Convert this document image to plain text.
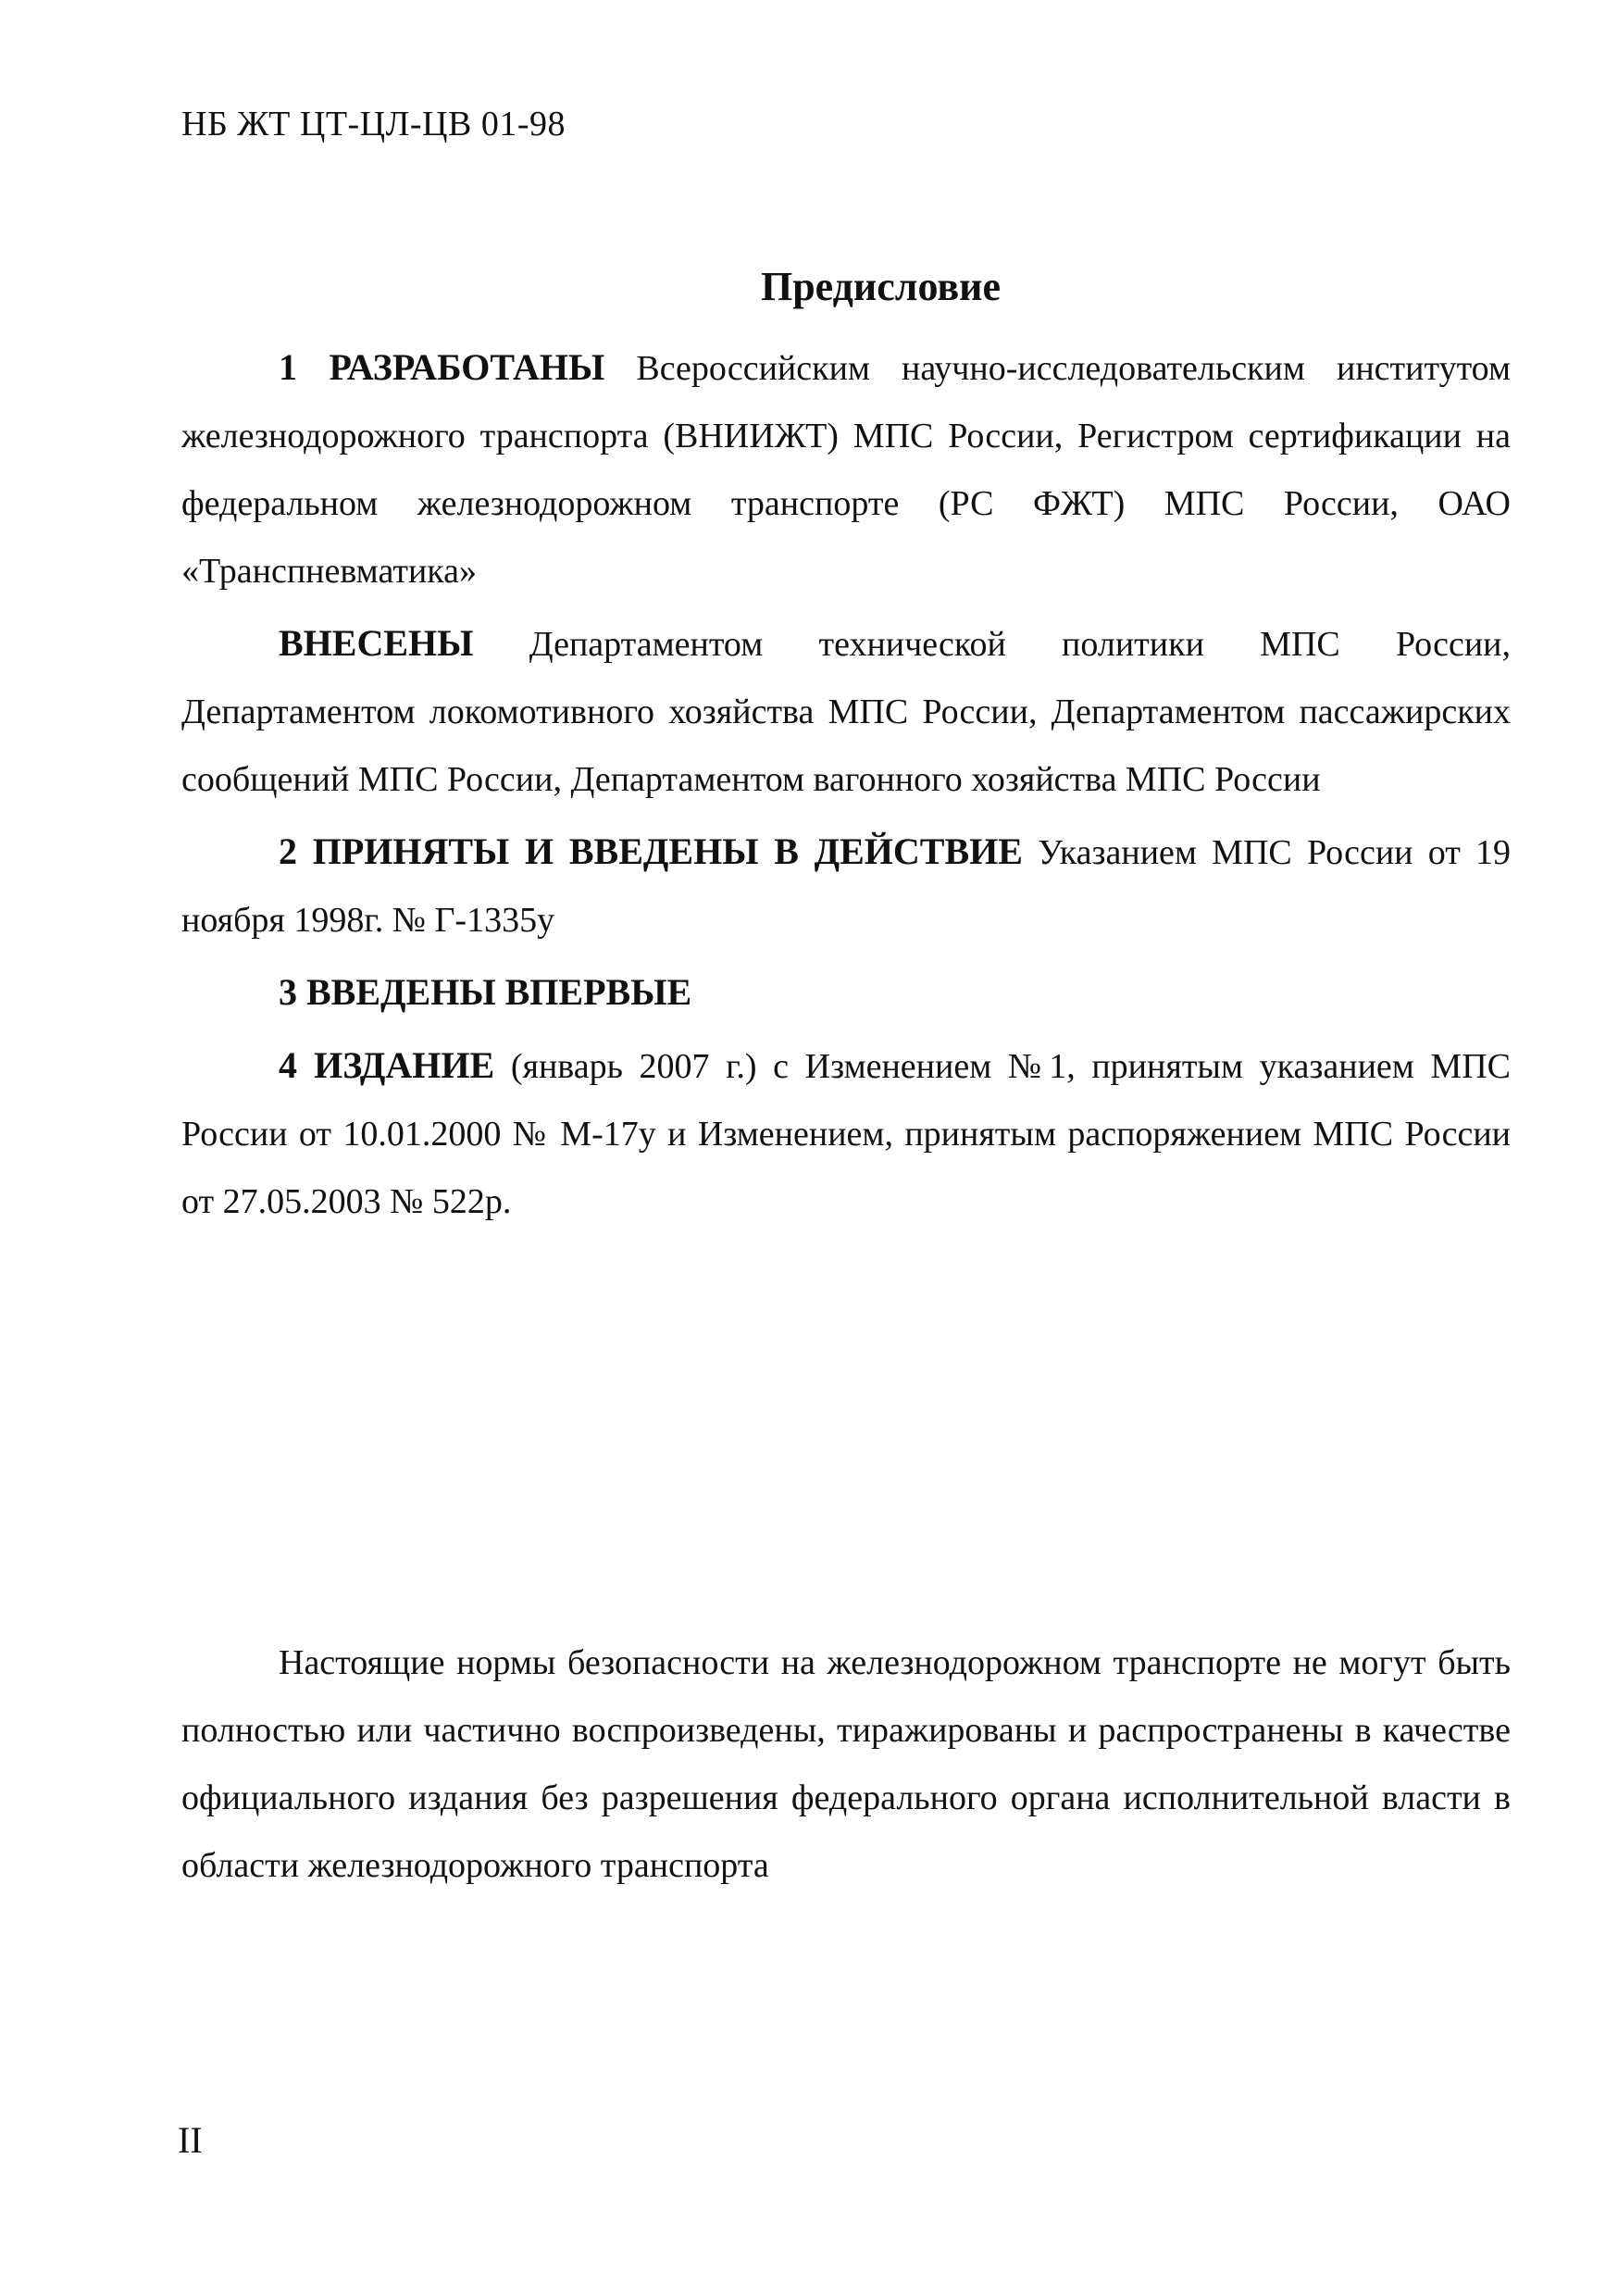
НБ ЖТ ЦТ-ЦЛ-ЦВ 01-98
Предисловие

1 РАЗРАБОТАНЫ Всероссийским научно-исследовательским институтом железнодорожного транспорта (ВНИИЖТ) МПС России, Регистром сертификации на федеральном железнодорожном транспорте (РС ФЖТ) МПС России, ОАО «Транспневматика»

ВНЕСЕНЫ Департаментом технической политики МПС России, Департаментом локомотивного хозяйства МПС России, Департаментом пассажирских сообщений МПС России, Департаментом вагонного хозяйства МПС России

2 ПРИНЯТЫ И ВВЕДЕНЫ В ДЕЙСТВИЕ Указанием МПС России от 19 ноября 1998г. № Г-1335у

3 ВВЕДЕНЫ ВПЕРВЫЕ

4 ИЗДАНИЕ (январь 2007 г.) с Изменением №1, принятым указанием МПС России от 10.01.2000 № М-17у и Изменением, принятым распоряжением МПС России от 27.05.2003 № 522р.

Настоящие нормы безопасности на железнодорожном транспорте не могут быть полностью или частично воспроизведены, тиражированы и распространены в качестве официального издания без разрешения федерального органа исполнительной власти в области железнодорожного транспорта

II
